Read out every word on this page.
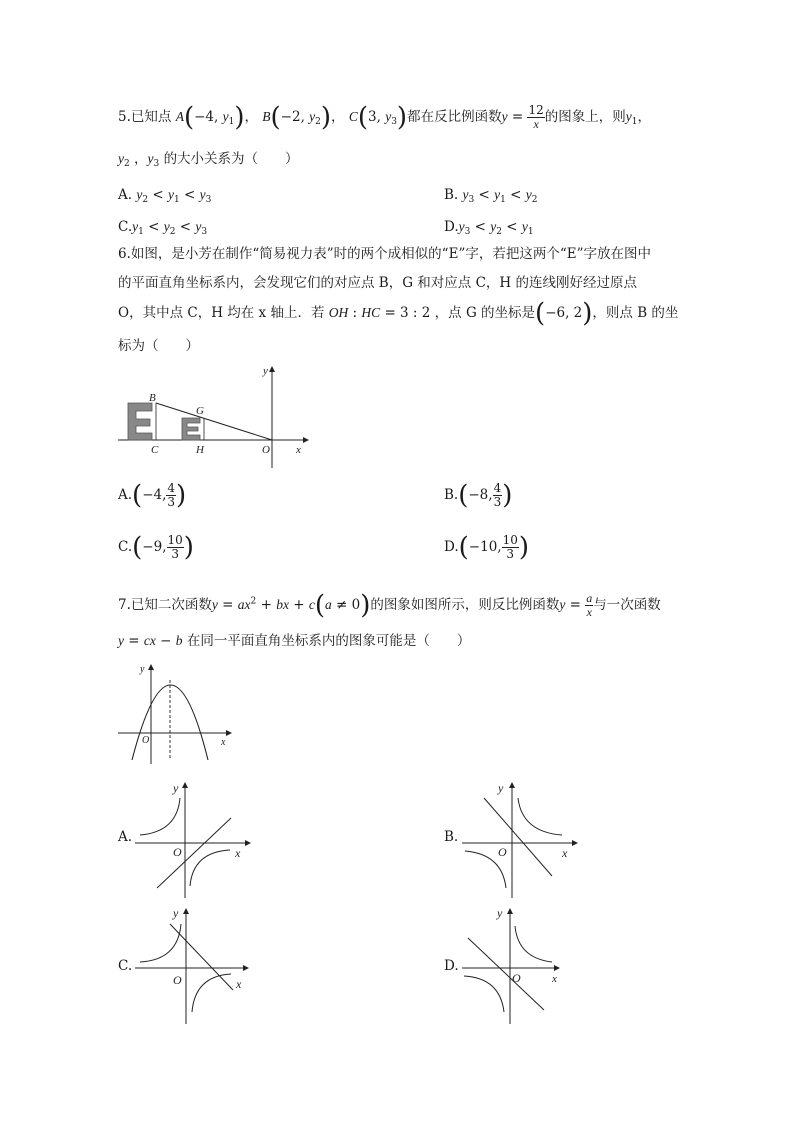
5.已知点 A(−4, $y_1$)， B(−2, $y_2$)， C(3, $y_3$)都在反比例函数$y = \frac{12}{x}$ 的图象上，则$y_1$，
$y_2$ ，$y_3$ 的大小关系为（　　）
A. $y_2 < y_1 < y_3$	B. $y_3 < y_1 < y_2$
$C.y_1 < y_2 < y_3$	$D.y_3 < y_2 < y_1$
6.如图，是小芳在制作“简易视力表”时的两个成相似的“E”字，若把这两个“E”字放在图中
的平面直角坐标系内，会发现它们的对应点 B，G 和对应点 C，H 的连线刚好经过原点
O，其中点 C，H 均在 x 轴上．若 OH : HC = 3 : 2 ，点 G 的坐标是(−6, 2)，则点 B 的坐
标为（　　）
B
G
C	H	O x
y
A.(−4, $\frac{4}{3}$ )	B.(−8, $\frac{4}{3}$ )
C.(−9, $\frac{10}{3}$ )	D.(−10, $\frac{10}{3}$ )
7.已知二次函数$y = ax^2$ + bx + c(a ≠ 0)的图象如图所示，则反比例函数$y = \frac{a}{x}$ 与一次函数
y = cx − b 在同一平面直角坐标系内的图象可能是（　　）
O	x
y
A.
O	x
y
B.
O	x
y
C.
O	x
y
D.
O	x
y
